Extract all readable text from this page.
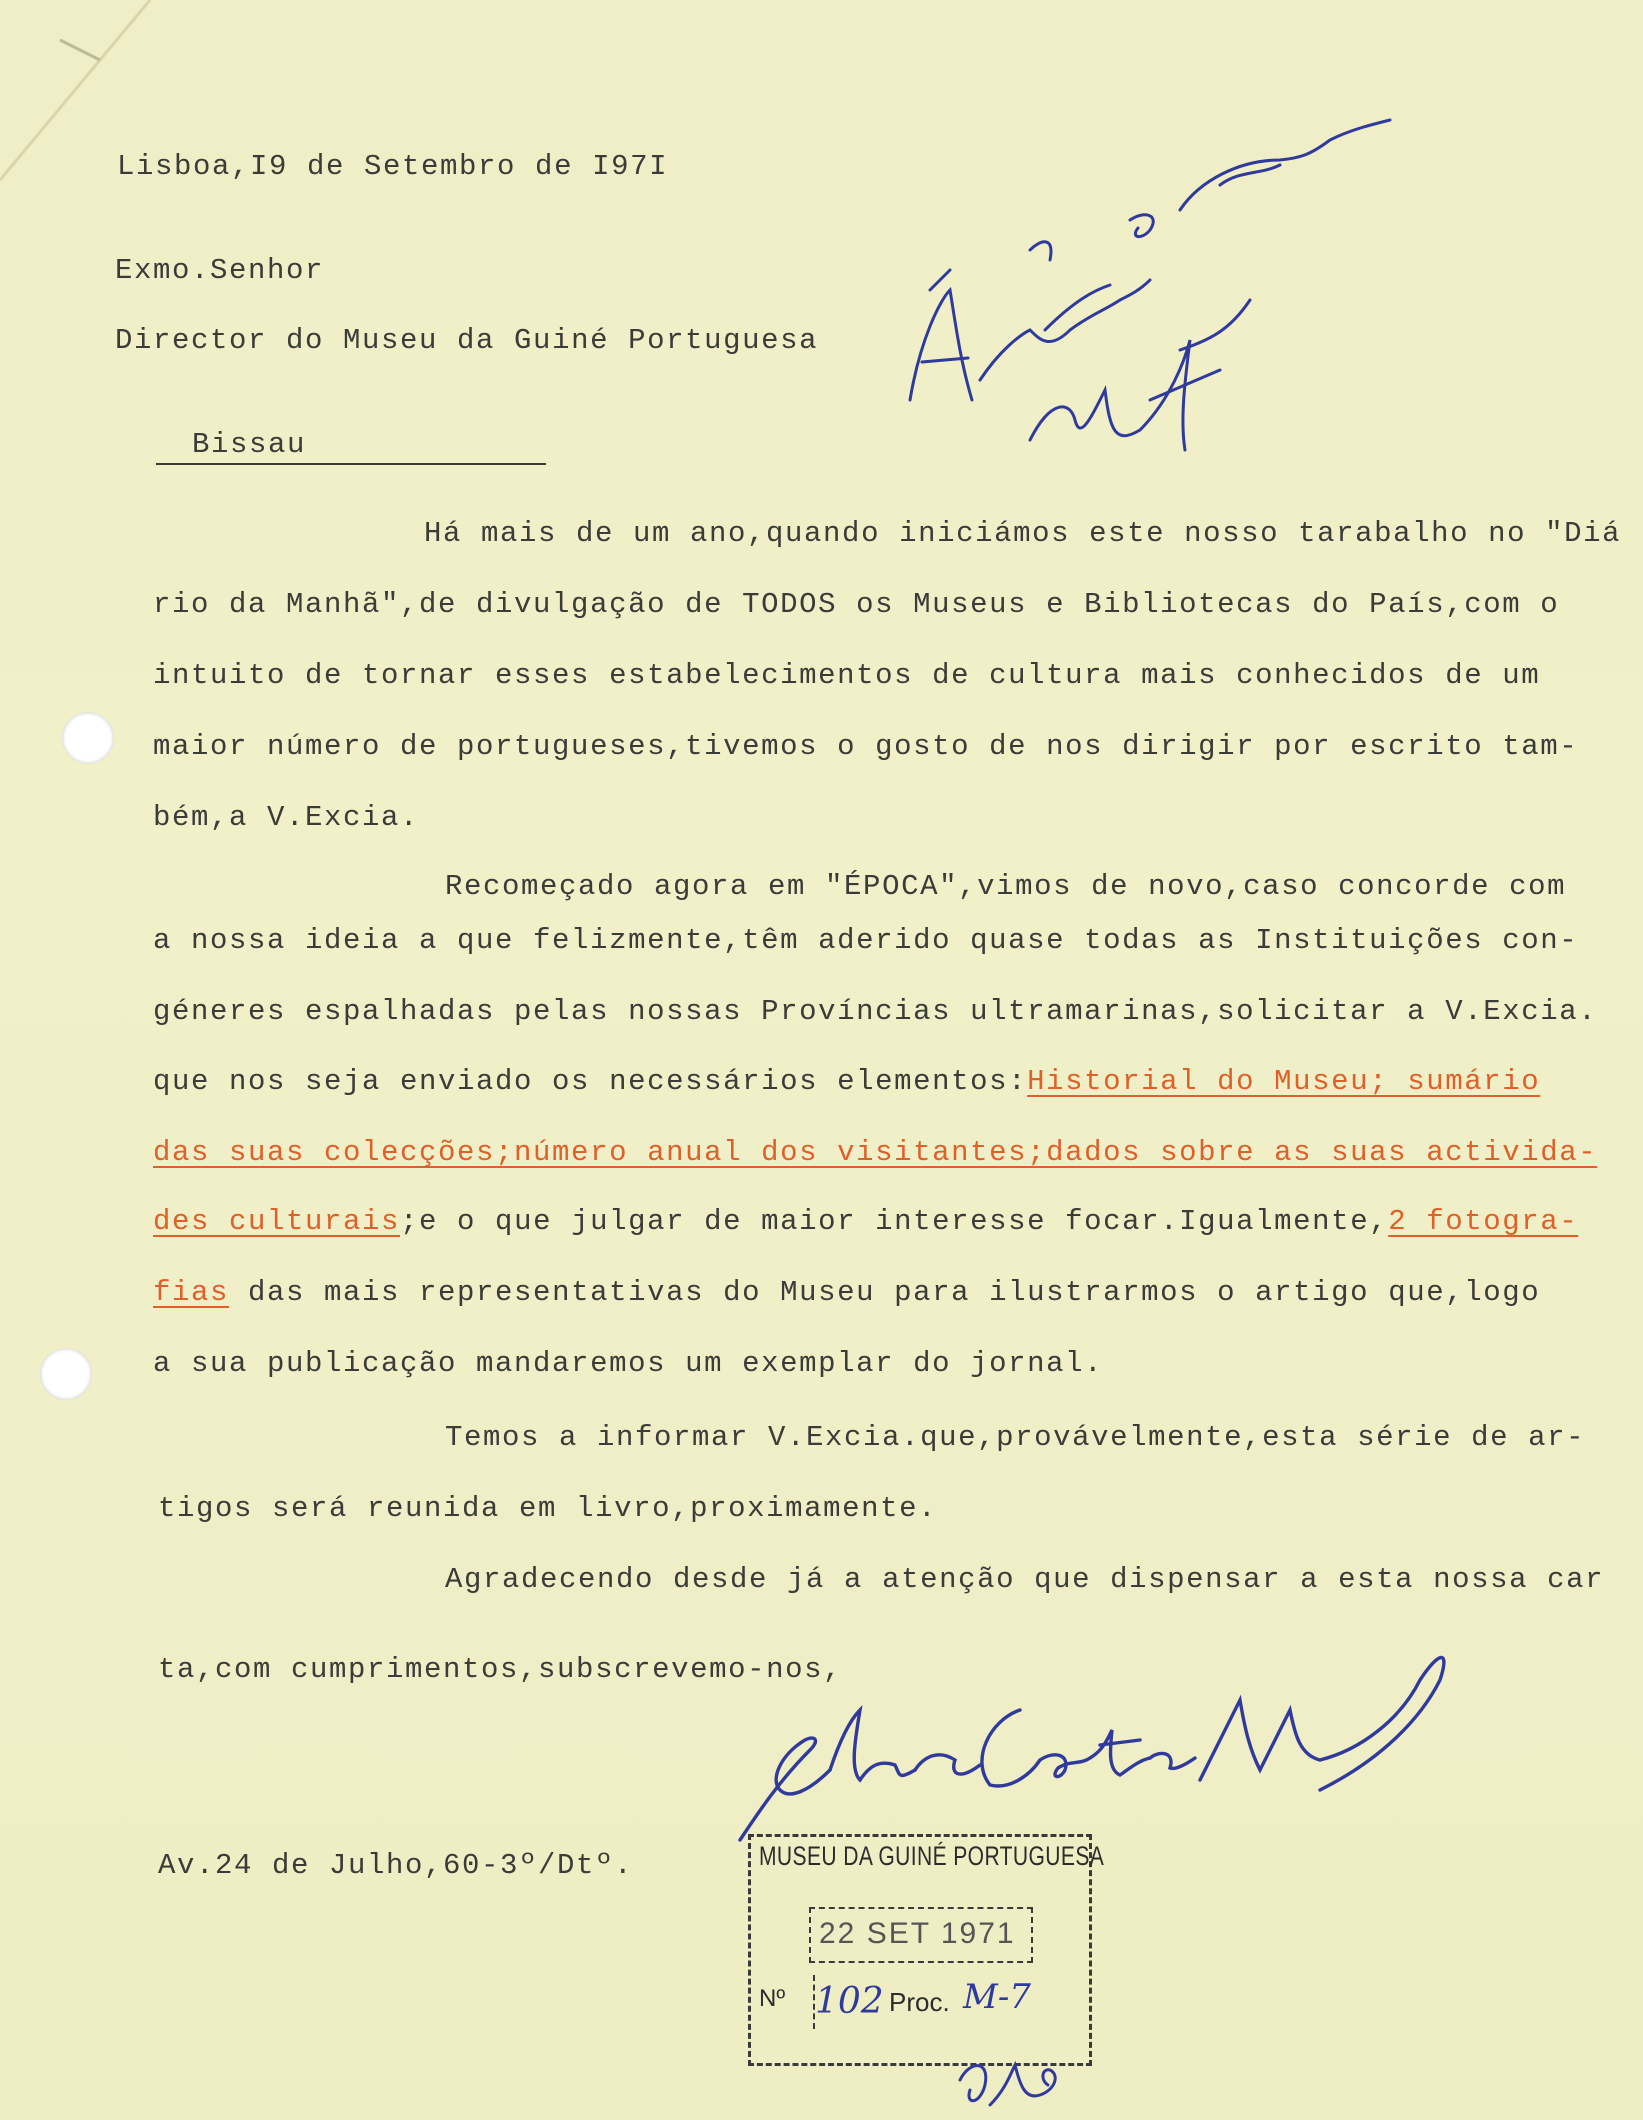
Lisboa,I9 de Setembro de I97I
Exmo.Senhor
Director do Museu da Guiné Portuguesa

Bissau

Há mais de um ano,quando iniciámos este nosso tarabalho no "Diá
rio da Manhã",de divulgação de TODOS os Museus e Bibliotecas do País,com o
intuito de tornar esses estabelecimentos de cultura mais conhecidos de um
maior número de portugueses,tivemos o gosto de nos dirigir por escrito tam-
bém,a V.Excia.
Recomeçado agora em "ÉPOCA",vimos de novo,caso concorde com
a nossa ideia a que felizmente,têm aderido quase todas as Instituições con-
géneres espalhadas pelas nossas Províncias ultramarinas,solicitar a V.Excia.
que nos seja enviado os necessários elementos:Historial do Museu; sumário
das suas colecções;número anual dos visitantes;dados sobre as suas activida-
des culturais;e o que julgar de maior interesse focar.Igualmente,2 fotogra-
fias das mais representativas do Museu para ilustrarmos o artigo que,logo
a sua publicação mandaremos um exemplar do jornal.
Temos a informar V.Excia.que,provávelmente,esta série de ar-
tigos será reunida em livro,proximamente.
Agradecendo desde já a atenção que dispensar a esta nossa car
ta,com cumprimentos,subscrevemo-nos,
Av.24 de Julho,60-3º/Dtº.	MUSEU DA GUINÉ PORTUGUESA
22 SET 1971
Nº 102 Proc. M-7
